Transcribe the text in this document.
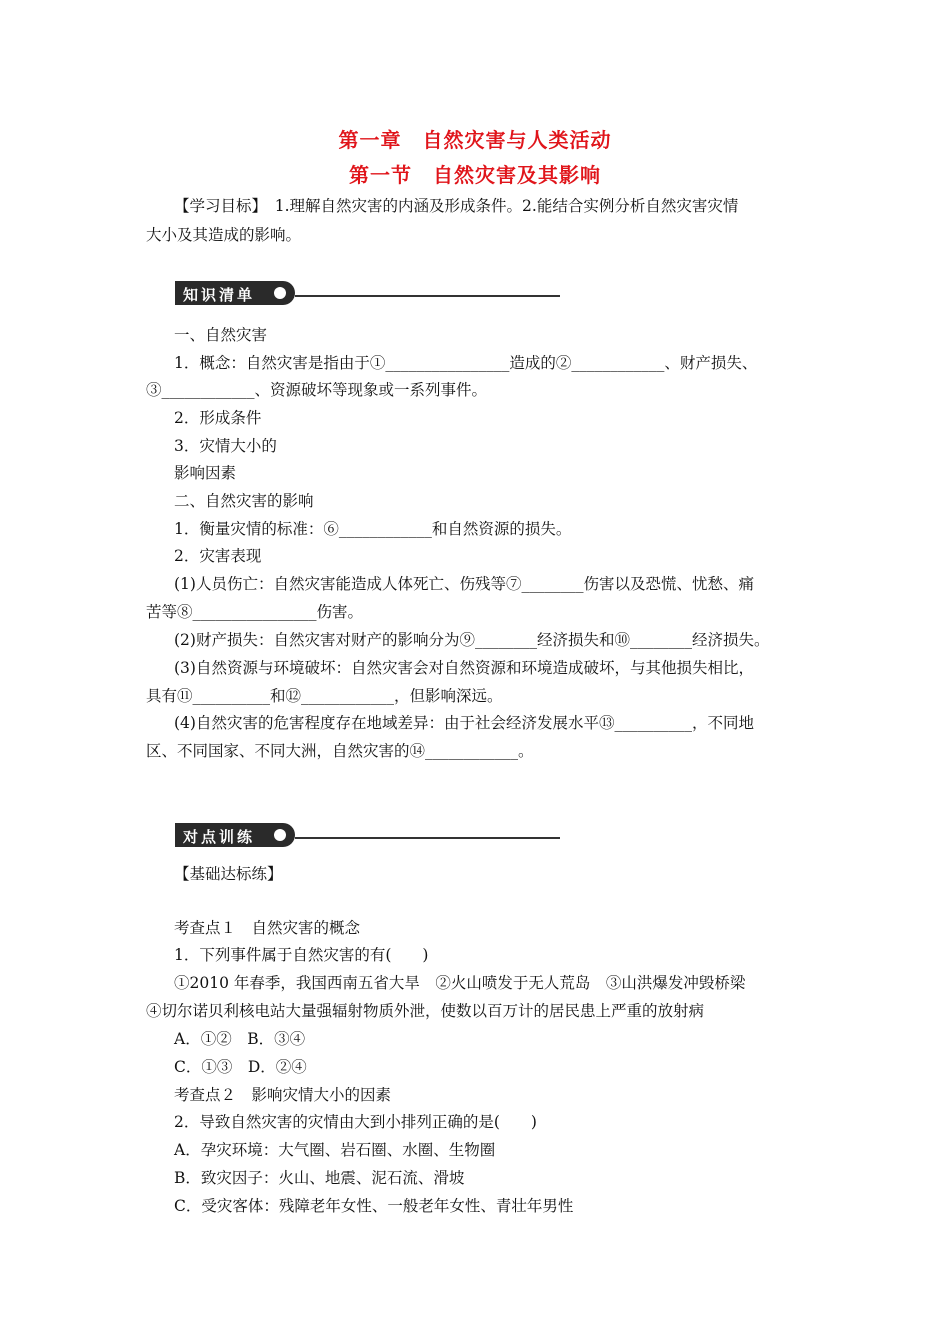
第一章　自然灾害与人类活动
第一节　自然灾害及其影响
【学习目标】　1.理解自然灾害的内涵及形成条件。2.能结合实例分析自然灾害灾情
大小及其造成的影响。
知识清单
一、自然灾害
1．概念：自然灾害是指由于①________________造成的②____________、财产损失、
③____________、资源破坏等现象或一系列事件。
2．形成条件
3．灾情大小的
影响因素
二、自然灾害的影响
1．衡量灾情的标准：⑥____________和自然资源的损失。
2．灾害表现
(1)人员伤亡：自然灾害能造成人体死亡、伤残等⑦________伤害以及恐慌、忧愁、痛
苦等⑧________________伤害。
(2)财产损失：自然灾害对财产的影响分为⑨________经济损失和⑩________经济损失。
(3)自然资源与环境破坏：自然灾害会对自然资源和环境造成破坏，与其他损失相比，
具有⑪__________和⑫____________，但影响深远。
(4)自然灾害的危害程度存在地域差异：由于社会经济发展水平⑬__________，不同地
区、不同国家、不同大洲，自然灾害的⑭____________。
对点训练
【基础达标练】
考查点１　自然灾害的概念
1．下列事件属于自然灾害的有(　　)
①2010 年春季，我国西南五省大旱　②火山喷发于无人荒岛　③山洪爆发冲毁桥梁
④切尔诺贝利核电站大量强辐射物质外泄，使数以百万计的居民患上严重的放射病
A．①②　B．③④
C．①③　D．②④
考查点２　影响灾情大小的因素
2．导致自然灾害的灾情由大到小排列正确的是(　　)
A．孕灾环境：大气圈、岩石圈、水圈、生物圈
B．致灾因子：火山、地震、泥石流、滑坡
C．受灾客体：残障老年女性、一般老年女性、青壮年男性
